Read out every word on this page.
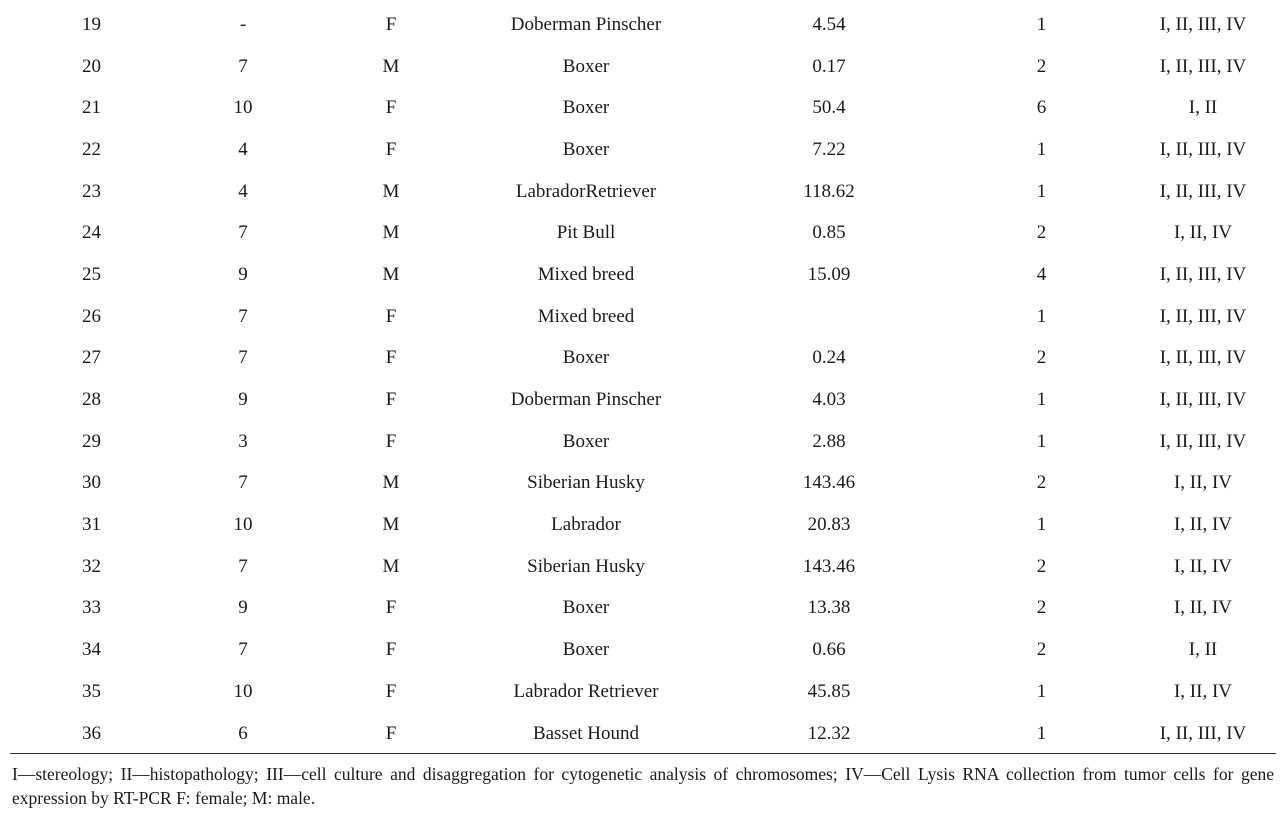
19	-	F	Doberman Pinscher	4.54	1	I, II, III, IV
20	7	M	Boxer	0.17	2	I, II, III, IV
21	10	F	Boxer	50.4	6	I, II
22	4	F	Boxer	7.22	1	I, II, III, IV
23	4	M	LabradorRetriever	118.62	1	I, II, III, IV
24	7	M	Pit Bull	0.85	2	I, II, IV
25	9	M	Mixed breed	15.09	4	I, II, III, IV
26	7	F	Mixed breed		1	I, II, III, IV
27	7	F	Boxer	0.24	2	I, II, III, IV
28	9	F	Doberman Pinscher	4.03	1	I, II, III, IV
29	3	F	Boxer	2.88	1	I, II, III, IV
30	7	M	Siberian Husky	143.46	2	I, II, IV
31	10	M	Labrador	20.83	1	I, II, IV
32	7	M	Siberian Husky	143.46	2	I, II, IV
33	9	F	Boxer	13.38	2	I, II, IV
34	7	F	Boxer	0.66	2	I, II
35	10	F	Labrador Retriever	45.85	1	I, II, IV
36	6	F	Basset Hound	12.32	1	I, II, III, IV
I—stereology; II—histopathology; III—cell culture and disaggregation for cytogenetic analysis of chromosomes; IV—Cell Lysis RNA collection from tumor cells for gene expression by RT-PCR F: female; M: male.
